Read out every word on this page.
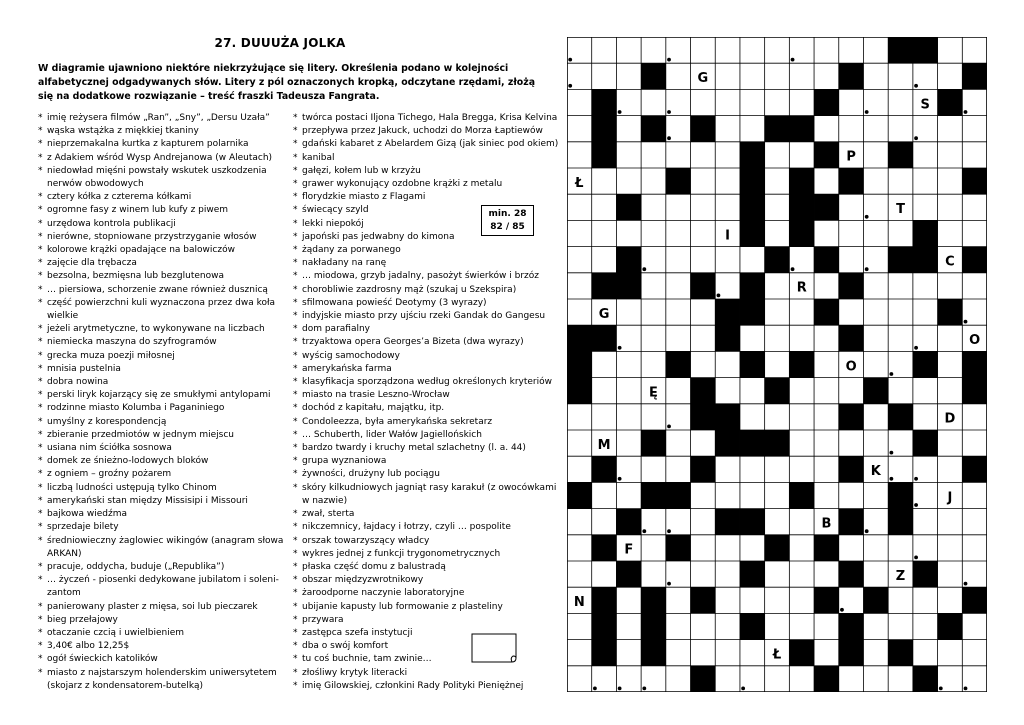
27. DUUUŻA JOLKA
W diagramie ujawniono niektóre niekrzyżujące się litery. Określenia podano w kolejności alfabetycznej odgadywanych słów. Litery z pól oznaczonych kropką, odczytane rzędami, złożą się na dodatkowe rozwiązanie – treść fraszki Tadeusza Fangrata.
* imię reżysera filmów „Ran”, „Sny”, „Dersu Uzała”
* wąska wstążka z miękkiej tkaniny
* nieprzemakalna kurtka z kapturem polarnika
* z Adakiem wśród Wysp Andrejanowa (w Aleutach)
* niedowład mięśni powstały wskutek uszkodzenia
nerwów obwodowych
* cztery kółka z czterema kółkami
* ogromne fasy z winem lub kufy z piwem
* urzędowa kontrola publikacji
* nierówne, stopniowane przystrzyganie włosów
* kolorowe krążki opadające na balowiczów
* zajęcie dla trębacza
* bezsolna, bezmięsna lub bezglutenowa
* … piersiowa, schorzenie zwane również dusznicą
* część powierzchni kuli wyznaczona przez dwa koła
wielkie
* jeżeli arytmetyczne, to wykonywane na liczbach
* niemiecka maszyna do szyfrogramów
* grecka muza poezji miłosnej
* mnisia pustelnia
* dobra nowina
* perski liryk kojarzący się ze smukłymi antylopami
* rodzinne miasto Kolumba i Paganiniego
* umyślny z korespondencją
* zbieranie przedmiotów w jednym miejscu
* usiana nim ściółka sosnowa
* domek ze śnieżno-lodowych bloków
* z ogniem – groźny pożarem
* liczbą ludności ustępują tylko Chinom
* amerykański stan między Missisipi i Missouri
* bajkowa wiedźma
* sprzedaje bilety
* średniowieczny żaglowiec wikingów (anagram słowa
ARKAN)
* pracuje, oddycha, buduje („Republika”)
* … życzeń - piosenki dedykowane jubilatom i soleni-
zantom
* panierowany plaster z mięsa, soi lub pieczarek
* bieg przełajowy
* otaczanie czcią i uwielbieniem
* 3,40€ albo 12,25$
* ogół świeckich katolików
* miasto z najstarszym holenderskim uniwersytetem
(skojarz z kondensatorem-butelką)
* twórca postaci Iljona Tichego, Hala Bregga, Krisa Kelvina
* przepływa przez Jakuck, uchodzi do Morza Łaptiewów
* gdański kabaret z Abelardem Gizą (jak siniec pod okiem)
* kanibal
* gałęzi, kołem lub w krzyżu
* grawer wykonujący ozdobne krążki z metalu
* florydzkie miasto z Flagami
* świecący szyld
* lekki niepokój
* japoński pas jedwabny do kimona
* żądany za porwanego
* nakładany na ranę
* … miodowa, grzyb jadalny, pasożyt świerków i brzóz
* chorobliwie zazdrosny mąż (szukaj u Szekspira)
* sfilmowana powieść Deotymy (3 wyrazy)
* indyjskie miasto przy ujściu rzeki Gandak do Gangesu
* dom parafialny
* trzyaktowa opera Georges’a Bizeta (dwa wyrazy)
* wyścig samochodowy
* amerykańska farma
* klasyfikacja sporządzona według określonych kryteriów
* miasto na trasie Leszno-Wrocław
* dochód z kapitału, majątku, itp.
* Condoleezza, była amerykańska sekretarz
* … Schuberth, lider Wałów Jagiellońskich
* bardzo twardy i kruchy metal szlachetny (l. a. 44)
* grupa wyznaniowa
* żywności, drużyny lub pociągu
* skóry kilkudniowych jagniąt rasy karakuł (z owocówkami
w nazwie)
* zwał, sterta
* nikczemnicy, łajdacy i łotrzy, czyli … pospolite
* orszak towarzyszący władcy
* wykres jednej z funkcji trygonometrycznych
* płaska część domu z balustradą
* obszar międzyzwrotnikowy
* żaroodporne naczynie laboratoryjne
* ubijanie kapusty lub formowanie z plasteliny
* przywara
* zastępca szefa instytucji
* dba o swój komfort
* tu coś buchnie, tam zwinie…
* złośliwy krytyk literacki
* imię Gilowskiej, członkini Rady Polityki Pieniężnej
min. 28
82 / 85
G
S
S
P
Ł
T
I
C
R
G
O
O
Ę
D
M
K
J
B
F
Z
N
Ł
